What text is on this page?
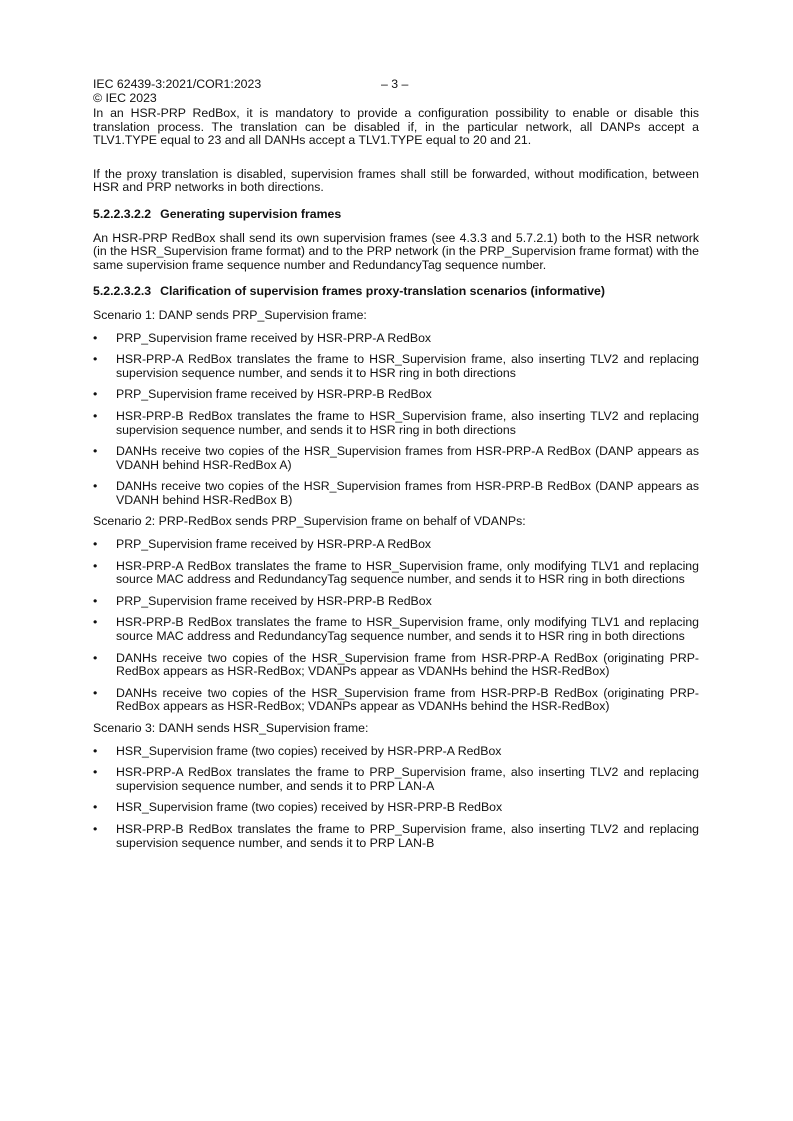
IEC 62439-3:2021/COR1:2023	– 3 –
© IEC 2023

In an HSR-PRP RedBox, it is mandatory to provide a configuration possibility to enable or disable this translation process. The translation can be disabled if, in the particular network, all DANPs accept a TLV1.TYPE equal to 23 and all DANHs accept a TLV1.TYPE equal to 20 and 21.

If the proxy translation is disabled, supervision frames shall still be forwarded, without modification, between HSR and PRP networks in both directions.

5.2.2.3.2.2 Generating supervision frames

An HSR-PRP RedBox shall send its own supervision frames (see 4.3.3 and 5.7.2.1) both to the HSR network (in the HSR_Supervision frame format) and to the PRP network (in the PRP_Supervision frame format) with the same supervision frame sequence number and RedundancyTag sequence number.

5.2.2.3.2.3 Clarification of supervision frames proxy-translation scenarios (informative)

Scenario 1: DANP sends PRP_Supervision frame:

• PRP_Supervision frame received by HSR-PRP-A RedBox
• HSR-PRP-A RedBox translates the frame to HSR_Supervision frame, also inserting TLV2 and replacing supervision sequence number, and sends it to HSR ring in both directions
• PRP_Supervision frame received by HSR-PRP-B RedBox
• HSR-PRP-B RedBox translates the frame to HSR_Supervision frame, also inserting TLV2 and replacing supervision sequence number, and sends it to HSR ring in both directions
• DANHs receive two copies of the HSR_Supervision frames from HSR-PRP-A RedBox (DANP appears as VDANH behind HSR-RedBox A)
• DANHs receive two copies of the HSR_Supervision frames from HSR-PRP-B RedBox (DANP appears as VDANH behind HSR-RedBox B)

Scenario 2: PRP-RedBox sends PRP_Supervision frame on behalf of VDANPs:

• PRP_Supervision frame received by HSR-PRP-A RedBox
• HSR-PRP-A RedBox translates the frame to HSR_Supervision frame, only modifying TLV1 and replacing source MAC address and RedundancyTag sequence number, and sends it to HSR ring in both directions
• PRP_Supervision frame received by HSR-PRP-B RedBox
• HSR-PRP-B RedBox translates the frame to HSR_Supervision frame, only modifying TLV1 and replacing source MAC address and RedundancyTag sequence number, and sends it to HSR ring in both directions
• DANHs receive two copies of the HSR_Supervision frame from HSR-PRP-A RedBox (originating PRP-RedBox appears as HSR-RedBox; VDANPs appear as VDANHs behind the HSR-RedBox)
• DANHs receive two copies of the HSR_Supervision frame from HSR-PRP-B RedBox (originating PRP-RedBox appears as HSR-RedBox; VDANPs appear as VDANHs behind the HSR-RedBox)

Scenario 3: DANH sends HSR_Supervision frame:

• HSR_Supervision frame (two copies) received by HSR-PRP-A RedBox
• HSR-PRP-A RedBox translates the frame to PRP_Supervision frame, also inserting TLV2 and replacing supervision sequence number, and sends it to PRP LAN-A
• HSR_Supervision frame (two copies) received by HSR-PRP-B RedBox
• HSR-PRP-B RedBox translates the frame to PRP_Supervision frame, also inserting TLV2 and replacing supervision sequence number, and sends it to PRP LAN-B
